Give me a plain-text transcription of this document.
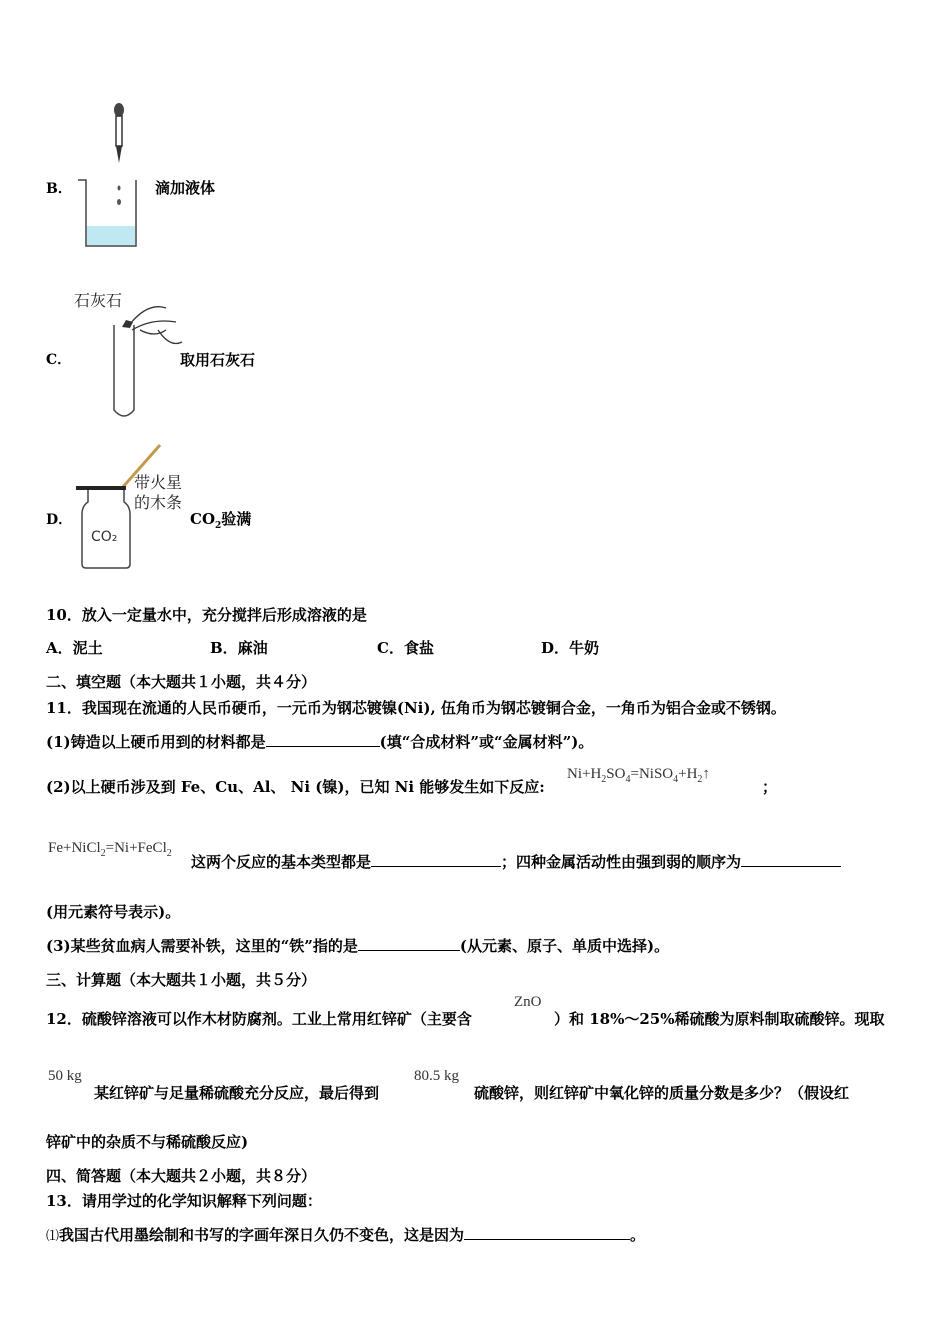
B．	滴加液体
C．
石灰石
取用石灰石
D．
CO₂
带火星
的木条
$CO_2$验满
10．放入一定量水中，充分搅拌后形成溶液的是
A．泥土	B．麻油	C．食盐	D．牛奶
二、填空题（本大题共１小题，共４分）
11．我国现在流通的人民币硬币，一元币为钢芯镀镍(Ni), 伍角币为钢芯镀铜合金，一角币为铝合金或不锈钢。
(1)铸造以上硬币用到的材料都是	(填“合成材料”或“金属材料”)。
(2)以上硬币涉及到 Fe、Cu、Al、 Ni (镍)，已知 Ni 能够发生如下反应:
$Ni+H_2SO_4=NiSO_4+H_2↑$
；
Fe+NiCl$_2$=Ni+FeCl$_2$ 这两个反应的基本类型都是	；四种金属活动性由强到弱的顺序为
(用元素符号表示)。
(3)某些贫血病人需要补铁，这里的“铁”指的是	(从元素、原子、单质中选择)。
三、计算题（本大题共１小题，共５分）
12．硫酸锌溶液可以作木材防腐剂。工业上常用红锌矿（主要含
ZnO
）和 18%～25%稀硫酸为原料制取硫酸锌。现取
50 kg
某红锌矿与足量稀硫酸充分反应，最后得到
80.5 kg
硫酸锌，则红锌矿中氧化锌的质量分数是多少？（假设红
锌矿中的杂质不与稀硫酸反应)
四、简答题（本大题共２小题，共８分）
13．请用学过的化学知识解释下列问题：
⑴我国古代用墨绘制和书写的字画年深日久仍不变色，这是因为	。
